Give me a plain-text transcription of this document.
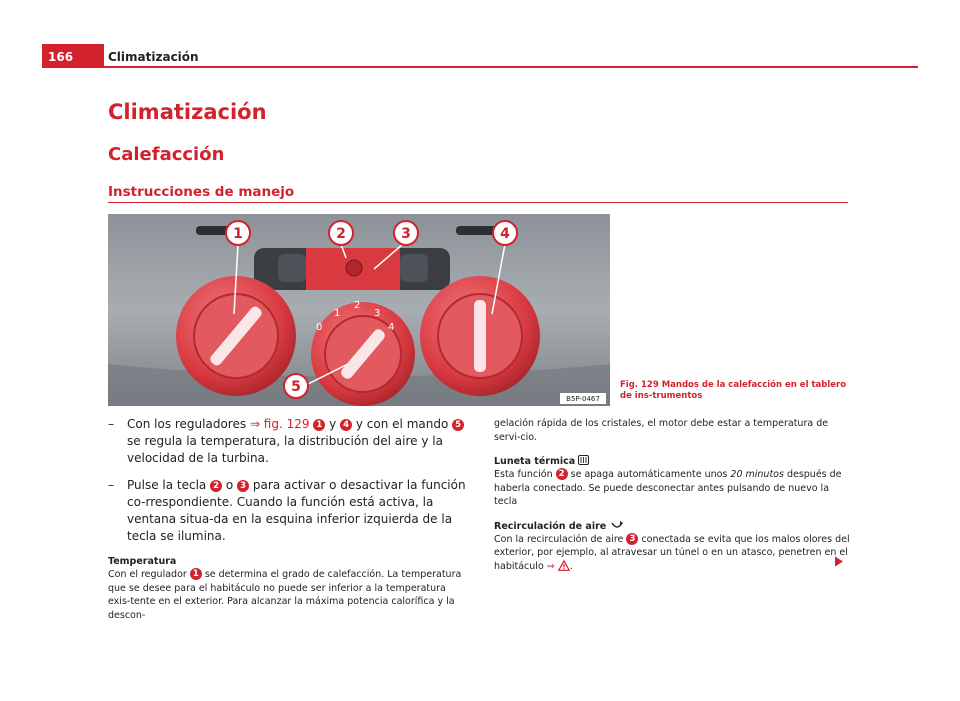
166	Climatización
Climatización
Calefacción
Instrucciones de manejo
0
1
2
3
4
1	2	3	4
5
B5P-0467
Fig. 129 Mandos de la calefacción en el tablero de ins-trumentos
– Con los reguladores ⇒ fig. 129 1 y 4 y con el mando 5 se regula la temperatura, la distribución del aire y la velocidad de la turbina.
– Pulse la tecla 2 o 3 para activar o desactivar la función co-rrespondiente. Cuando la función está activa, la ventana situa-da en la esquina inferior izquierda de la tecla se ilumina.
Temperatura
Con el regulador 1 se determina el grado de calefacción. La temperatura que se desee para el habitáculo no puede ser inferior a la temperatura exis-tente en el exterior. Para alcanzar la máxima potencia calorífica y la descon-
gelación rápida de los cristales, el motor debe estar a temperatura de servi-cio.
Luneta térmica
Esta función 2 se apaga automáticamente unos 20 minutos después de haberla conectado. Se puede desconectar antes pulsando de nuevo la tecla
Recirculación de aire
Con la recirculación de aire 3 conectada se evita que los malos olores del exterior, por ejemplo, al atravesar un túnel o en un atasco, penetren en el habitáculo ⇒ .
